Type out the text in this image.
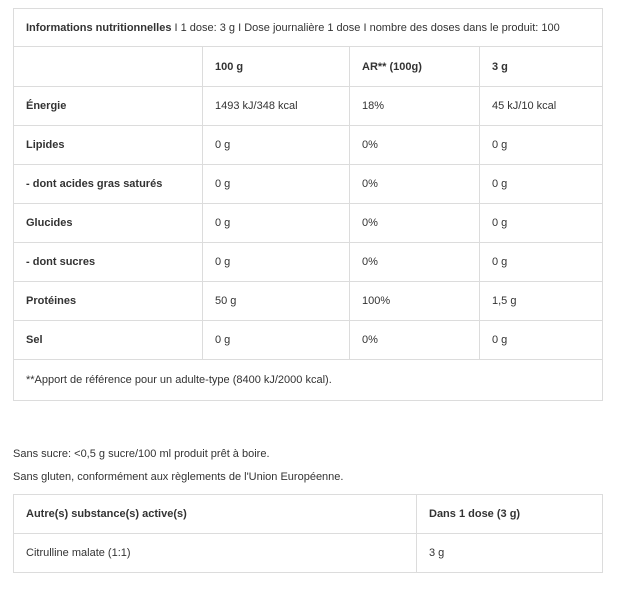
Informations nutritionnelles I 1 dose: 3 g I Dose journalière 1 dose I nombre des doses dans le produit: 100			
	100 g	AR** (100g)	3 g
Énergie	1493 kJ/348 kcal	18%	45 kJ/10 kcal
Lipides	0 g	0%	0 g
- dont acides gras saturés	0 g	0%	0 g
Glucides	0 g	0%	0 g
- dont sucres	0 g	0%	0 g
Protéines	50 g	100%	1,5 g
Sel	0 g	0%	0 g
**Apport de référence pour un adulte-type (8400 kJ/2000 kcal).			

Sans sucre: <0,5 g sucre/100 ml produit prêt à boire.

Sans gluten, conformément aux règlements de l'Union Européenne.

Autre(s) substance(s) active(s)	Dans 1 dose (3 g)
Citrulline malate (1:1)	3 g
